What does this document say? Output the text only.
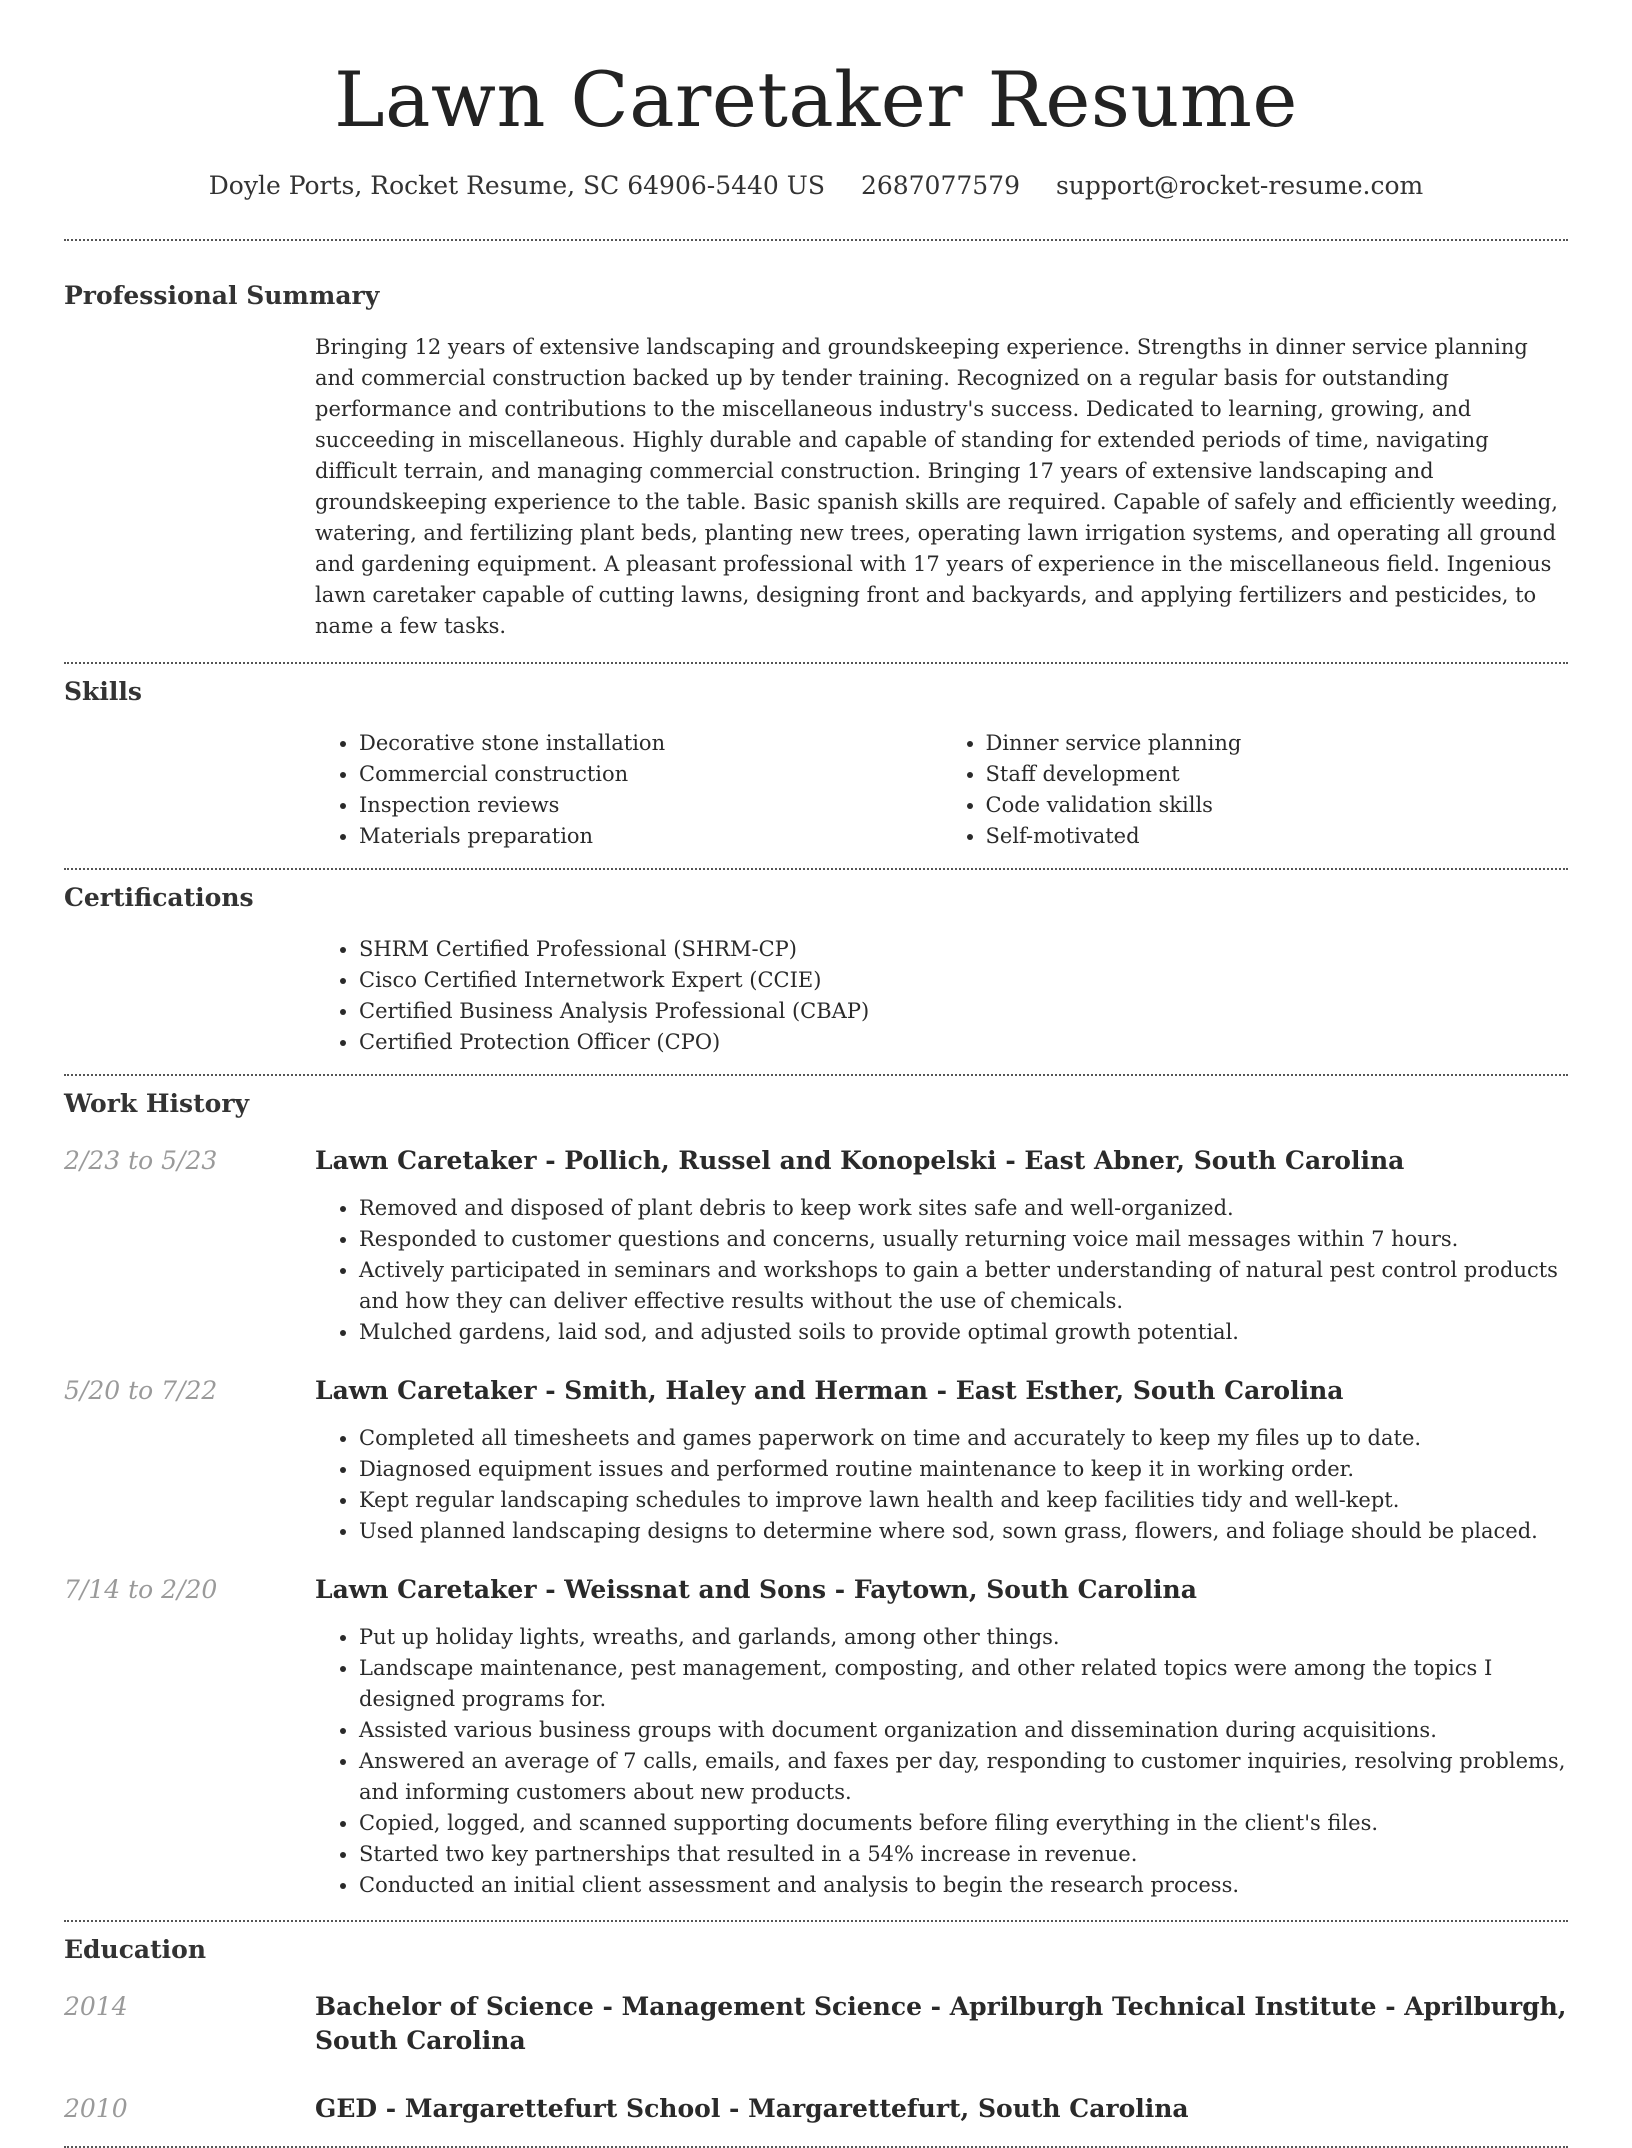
Lawn Caretaker Resume
Doyle Ports, Rocket Resume, SC 64906-5440 US 2687077579 support@rocket-resume.com
Professional Summary

Bringing 12 years of extensive landscaping and groundskeeping experience. Strengths in dinner service planning and commercial construction backed up by tender training. Recognized on a regular basis for outstanding performance and contributions to the miscellaneous industry's success. Dedicated to learning, growing, and succeeding in miscellaneous. Highly durable and capable of standing for extended periods of time, navigating difficult terrain, and managing commercial construction. Bringing 17 years of extensive landscaping and groundskeeping experience to the table. Basic spanish skills are required. Capable of safely and efficiently weeding, watering, and fertilizing plant beds, planting new trees, operating lawn irrigation systems, and operating all ground and gardening equipment. A pleasant professional with 17 years of experience in the miscellaneous field. Ingenious lawn caretaker capable of cutting lawns, designing front and backyards, and applying fertilizers and pesticides, to name a few tasks.

Skills
• Decorative stone installation
• Commercial construction
• Inspection reviews
• Materials preparation
• Dinner service planning
• Staff development
• Code validation skills
• Self-motivated
Certifications
• SHRM Certified Professional (SHRM-CP)
• Cisco Certified Internetwork Expert (CCIE)
• Certified Business Analysis Professional (CBAP)
• Certified Protection Officer (CPO)
Work History
2/23 to 5/23	Lawn Caretaker - Pollich, Russel and Konopelski - East Abner, South Carolina
• Removed and disposed of plant debris to keep work sites safe and well-organized.
• Responded to customer questions and concerns, usually returning voice mail messages within 7 hours.
• Actively participated in seminars and workshops to gain a better understanding of natural pest control products and how they can deliver effective results without the use of chemicals.
• Mulched gardens, laid sod, and adjusted soils to provide optimal growth potential.
5/20 to 7/22	Lawn Caretaker - Smith, Haley and Herman - East Esther, South Carolina
• Completed all timesheets and games paperwork on time and accurately to keep my files up to date.
• Diagnosed equipment issues and performed routine maintenance to keep it in working order.
• Kept regular landscaping schedules to improve lawn health and keep facilities tidy and well-kept.
• Used planned landscaping designs to determine where sod, sown grass, flowers, and foliage should be placed.
7/14 to 2/20	Lawn Caretaker - Weissnat and Sons - Faytown, South Carolina
• Put up holiday lights, wreaths, and garlands, among other things.
• Landscape maintenance, pest management, composting, and other related topics were among the topics I designed programs for.
• Assisted various business groups with document organization and dissemination during acquisitions.
• Answered an average of 7 calls, emails, and faxes per day, responding to customer inquiries, resolving problems, and informing customers about new products.
• Copied, logged, and scanned supporting documents before filing everything in the client's files.
• Started two key partnerships that resulted in a 54% increase in revenue.
• Conducted an initial client assessment and analysis to begin the research process.
Education
2014	Bachelor of Science - Management Science - Aprilburgh Technical Institute - Aprilburgh, South Carolina
2010	GED - Margarettefurt School - Margarettefurt, South Carolina
